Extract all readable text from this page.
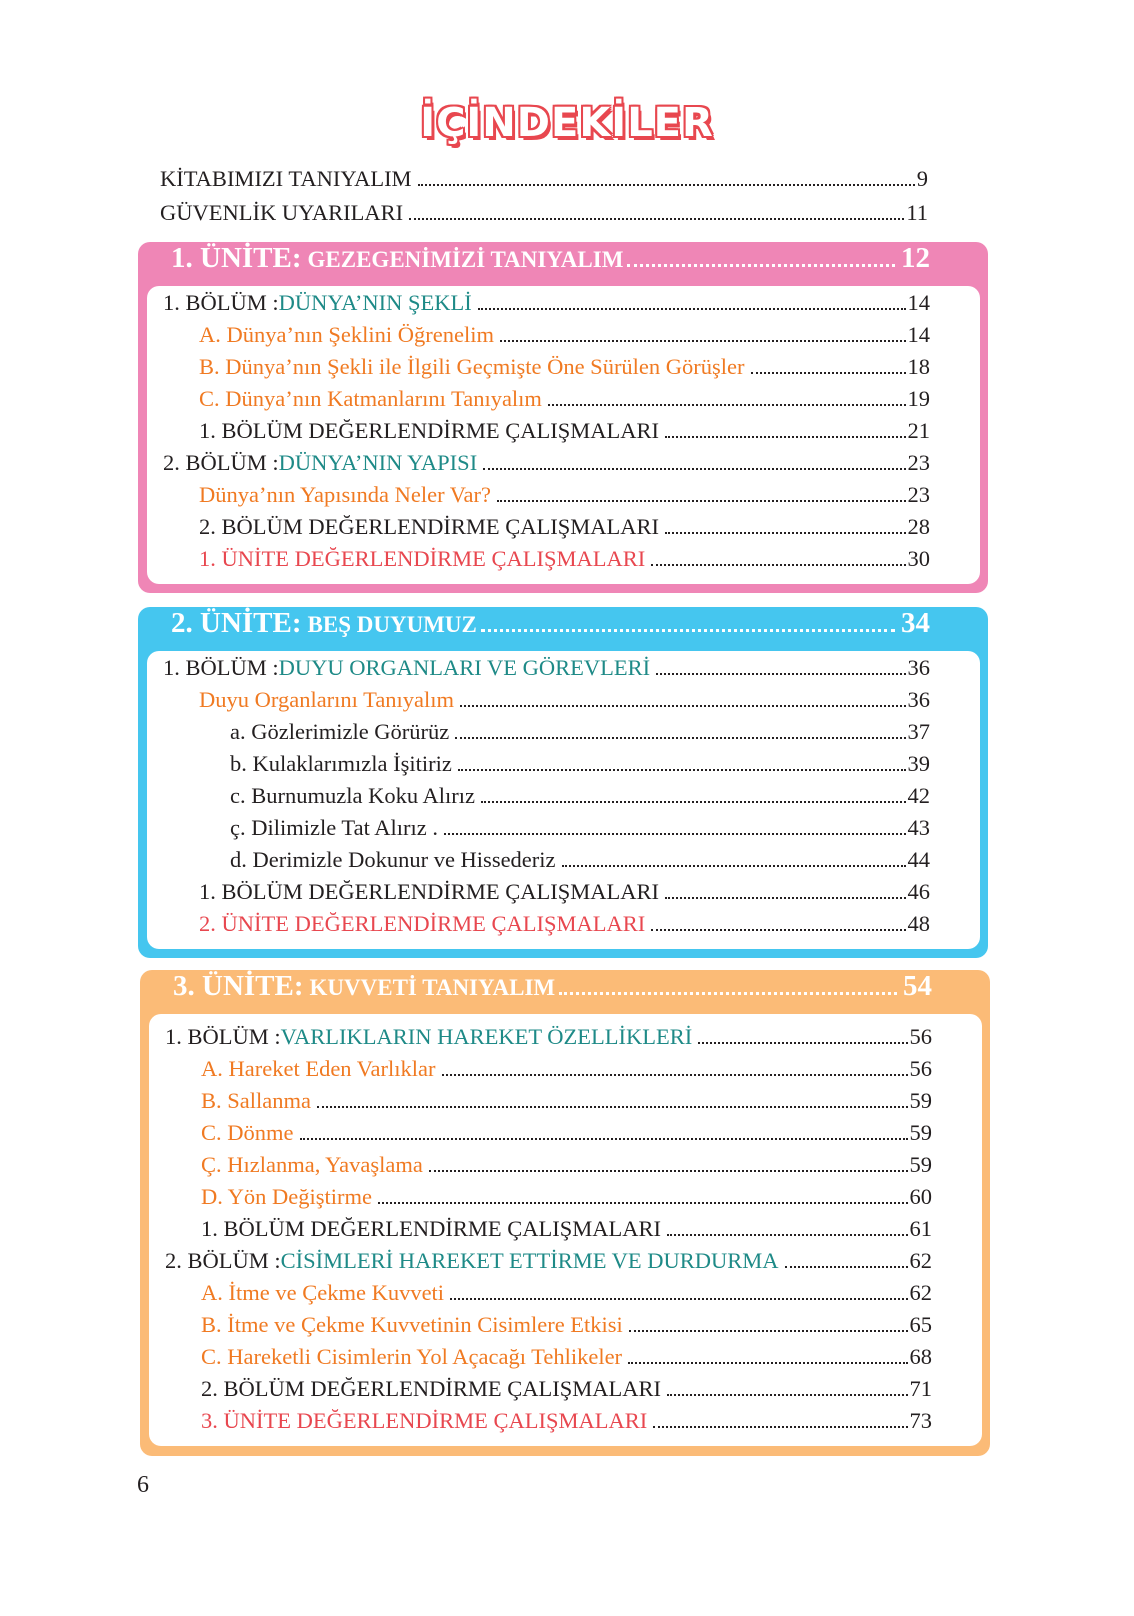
İÇİNDEKİLER
KİTABIMIZI TANIYALIM	9
GÜVENLİK UYARILARI	11
1. ÜNİTE: GEZEGENİMİZİ TANIYALIM	12
1. BÖLÜM : DÜNYA’NIN ŞEKLİ	14
A. Dünya’nın Şeklini Öğrenelim	14
B. Dünya’nın Şekli ile İlgili Geçmişte Öne Sürülen Görüşler	18
C. Dünya’nın Katmanlarını Tanıyalım	19
1. BÖLÜM DEĞERLENDİRME ÇALIŞMALARI	21
2. BÖLÜM : DÜNYA’NIN YAPISI	23
Dünya’nın Yapısında Neler Var?	23
2. BÖLÜM DEĞERLENDİRME ÇALIŞMALARI	28
1. ÜNİTE DEĞERLENDİRME ÇALIŞMALARI	30
2. ÜNİTE: BEŞ DUYUMUZ	34
1. BÖLÜM : DUYU ORGANLARI VE GÖREVLERİ	36
Duyu Organlarını Tanıyalım	36
a. Gözlerimizle Görürüz	37
b. Kulaklarımızla İşitiriz	39
c. Burnumuzla Koku Alırız	42
ç. Dilimizle Tat Alırız .	43
d. Derimizle Dokunur ve Hissederiz	44
1. BÖLÜM DEĞERLENDİRME ÇALIŞMALARI	46
2. ÜNİTE DEĞERLENDİRME ÇALIŞMALARI	48
3. ÜNİTE: KUVVETİ TANIYALIM	54
1. BÖLÜM : VARLIKLARIN HAREKET ÖZELLİKLERİ	56
A. Hareket Eden Varlıklar	56
B. Sallanma	59
C. Dönme	59
Ç. Hızlanma, Yavaşlama	59
D. Yön Değiştirme	60
1. BÖLÜM DEĞERLENDİRME ÇALIŞMALARI	61
2. BÖLÜM : CİSİMLERİ HAREKET ETTİRME VE DURDURMA	62
A. İtme ve Çekme Kuvveti	62
B. İtme ve Çekme Kuvvetinin Cisimlere Etkisi	65
C. Hareketli Cisimlerin Yol Açacağı Tehlikeler	68
2. BÖLÜM DEĞERLENDİRME ÇALIŞMALARI	71
3. ÜNİTE DEĞERLENDİRME ÇALIŞMALARI	73
6
